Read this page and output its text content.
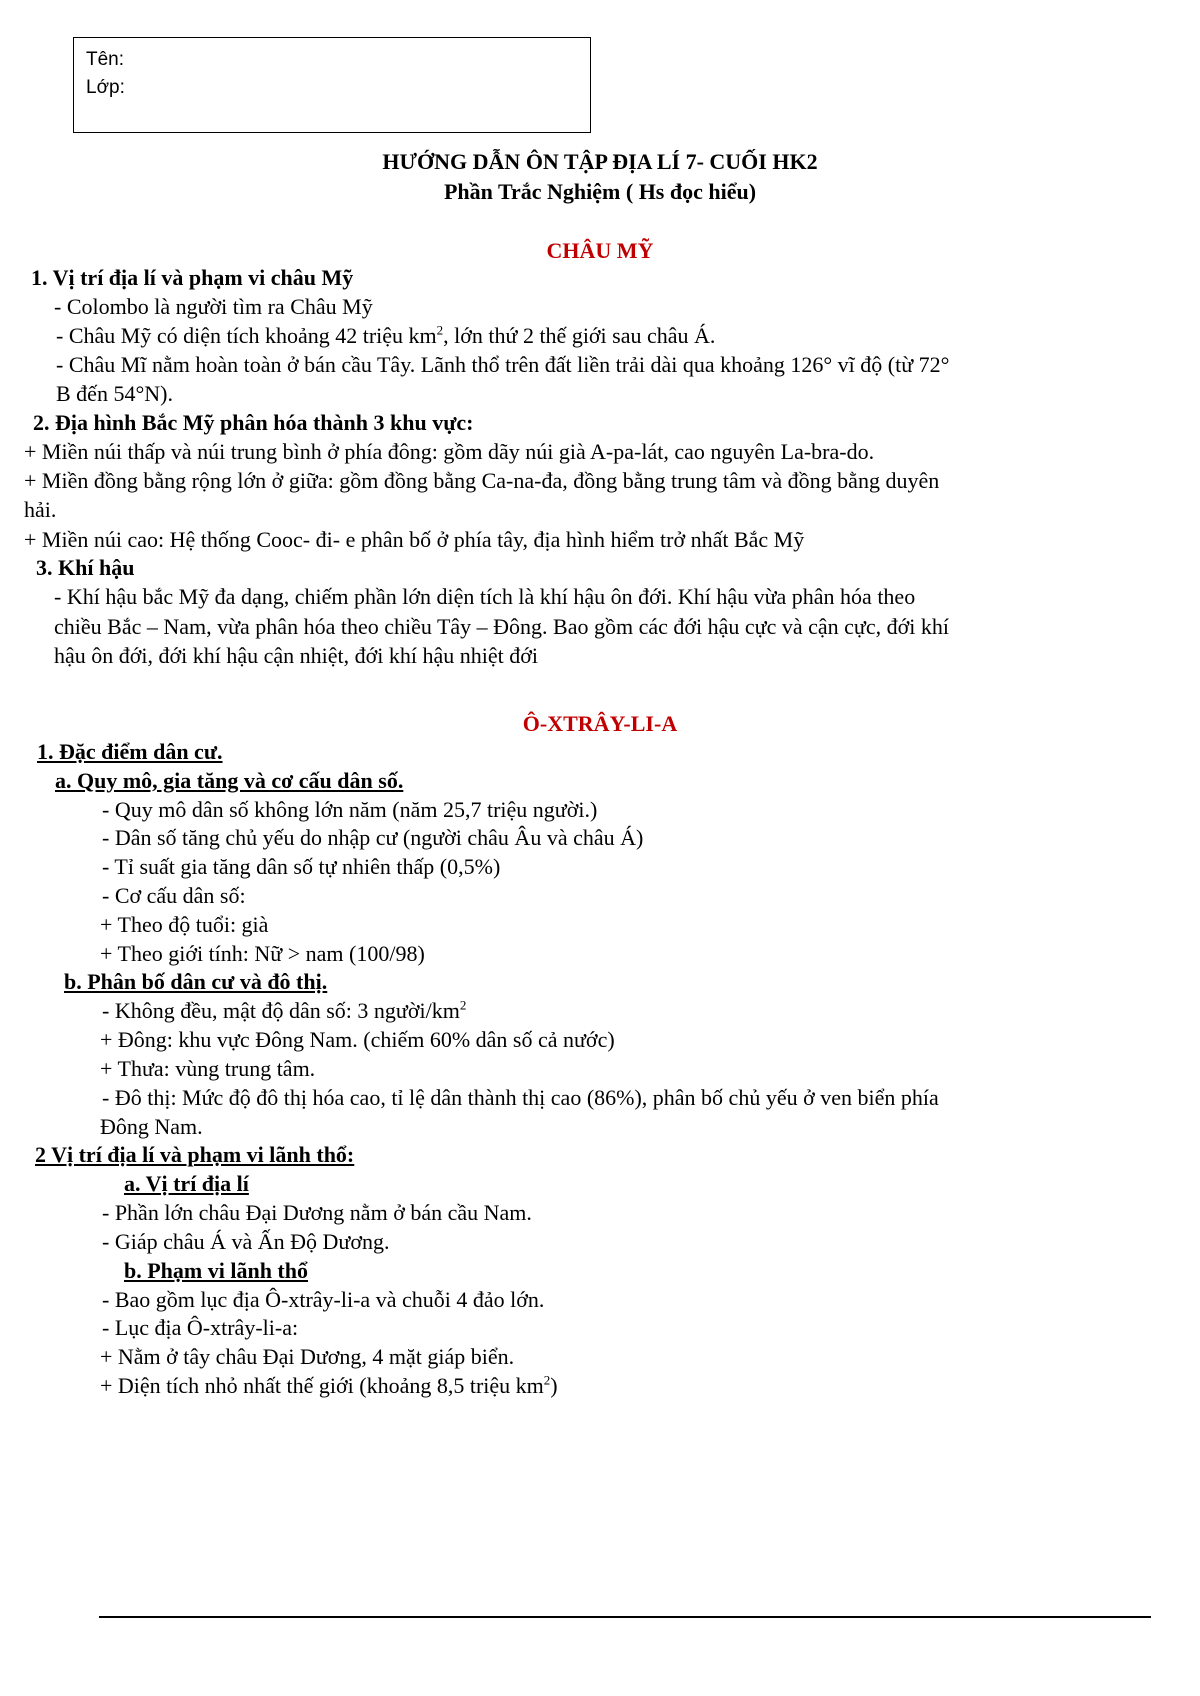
Tên:
Lớp:
HƯỚNG DẪN ÔN TẬP ĐỊA LÍ 7- CUỐI HK2
Phần Trắc Nghiệm ( Hs đọc hiểu)
CHÂU MỸ
1. Vị trí địa lí và phạm vi châu Mỹ
- Colombo là người tìm ra Châu Mỹ
- Châu Mỹ có diện tích khoảng 42 triệu $km^2$, lớn thứ 2 thế giới sau châu Á.
- Châu Mĩ nằm hoàn toàn ở bán cầu Tây. Lãnh thổ trên đất liền trải dài qua khoảng 126° vĩ độ (từ 72°
B đến 54°N).
2. Địa hình Bắc Mỹ phân hóa thành 3 khu vực:
+ Miền núi thấp và núi trung bình ở phía đông: gồm dãy núi già A-pa-lát, cao nguyên La-bra-do.
+ Miền đồng bằng rộng lớn ở giữa: gồm đồng bằng Ca-na-đa, đồng bằng trung tâm và đồng bằng duyên
hải.
+ Miền núi cao: Hệ thống Cooc- đi- e phân bố ở phía tây, địa hình hiểm trở nhất Bắc Mỹ
3. Khí hậu
- Khí hậu bắc Mỹ đa dạng, chiếm phần lớn diện tích là khí hậu ôn đới. Khí hậu vừa phân hóa theo
chiều Bắc – Nam, vừa phân hóa theo chiều Tây – Đông. Bao gồm các đới hậu cực và cận cực, đới khí
hậu ôn đới, đới khí hậu cận nhiệt, đới khí hậu nhiệt đới
Ô-XTRÂY-LI-A
1. Đặc điểm dân cư.
a. Quy mô, gia tăng và cơ cấu dân số.
- Quy mô dân số không lớn năm (năm 25,7 triệu người.)
- Dân số tăng chủ yếu do nhập cư (người châu Âu và châu Á)
- Tỉ suất gia tăng dân số tự nhiên thấp (0,5%)
- Cơ cấu dân số:
+ Theo độ tuổi: già
+ Theo giới tính: Nữ > nam (100/98)
b. Phân bố dân cư và đô thị.
- Không đều, mật độ dân số: 3 người/$km^2$
+ Đông: khu vực Đông Nam. (chiếm 60% dân số cả nước)
+ Thưa: vùng trung tâm.
- Đô thị: Mức độ đô thị hóa cao, tỉ lệ dân thành thị cao (86%), phân bố chủ yếu ở ven biển phía
Đông Nam.
2 Vị trí địa lí và phạm vi lãnh thổ:
a. Vị trí địa lí
- Phần lớn châu Đại Dương nằm ở bán cầu Nam.
- Giáp châu Á và Ấn Độ Dương.
b. Phạm vi lãnh thổ
- Bao gồm lục địa Ô-xtrây-li-a và chuỗi 4 đảo lớn.
- Lục địa Ô-xtrây-li-a:
+ Nằm ở tây châu Đại Dương, 4 mặt giáp biển.
+ Diện tích nhỏ nhất thế giới (khoảng 8,5 triệu $km^2$)
